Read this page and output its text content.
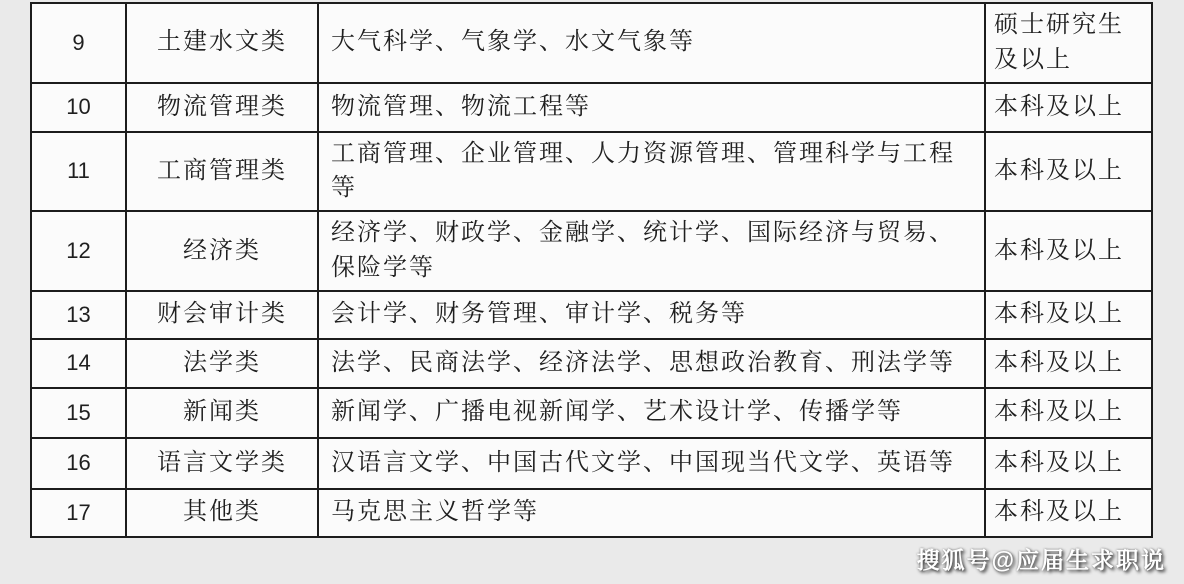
9	土建水文类	大气科学、气象学、水文气象等	硕士研究生及以上
10	物流管理类	物流管理、物流工程等	本科及以上
11	工商管理类	工商管理、企业管理、人力资源管理、管理科学与工程等	本科及以上
12	经济类	经济学、财政学、金融学、统计学、国际经济与贸易、保险学等	本科及以上
13	财会审计类	会计学、财务管理、审计学、税务等	本科及以上
14	法学类	法学、民商法学、经济法学、思想政治教育、刑法学等	本科及以上
15	新闻类	新闻学、广播电视新闻学、艺术设计学、传播学等	本科及以上
16	语言文学类	汉语言文学、中国古代文学、中国现当代文学、英语等	本科及以上
17	其他类	马克思主义哲学等	本科及以上
搜狐号@应届生求职说
